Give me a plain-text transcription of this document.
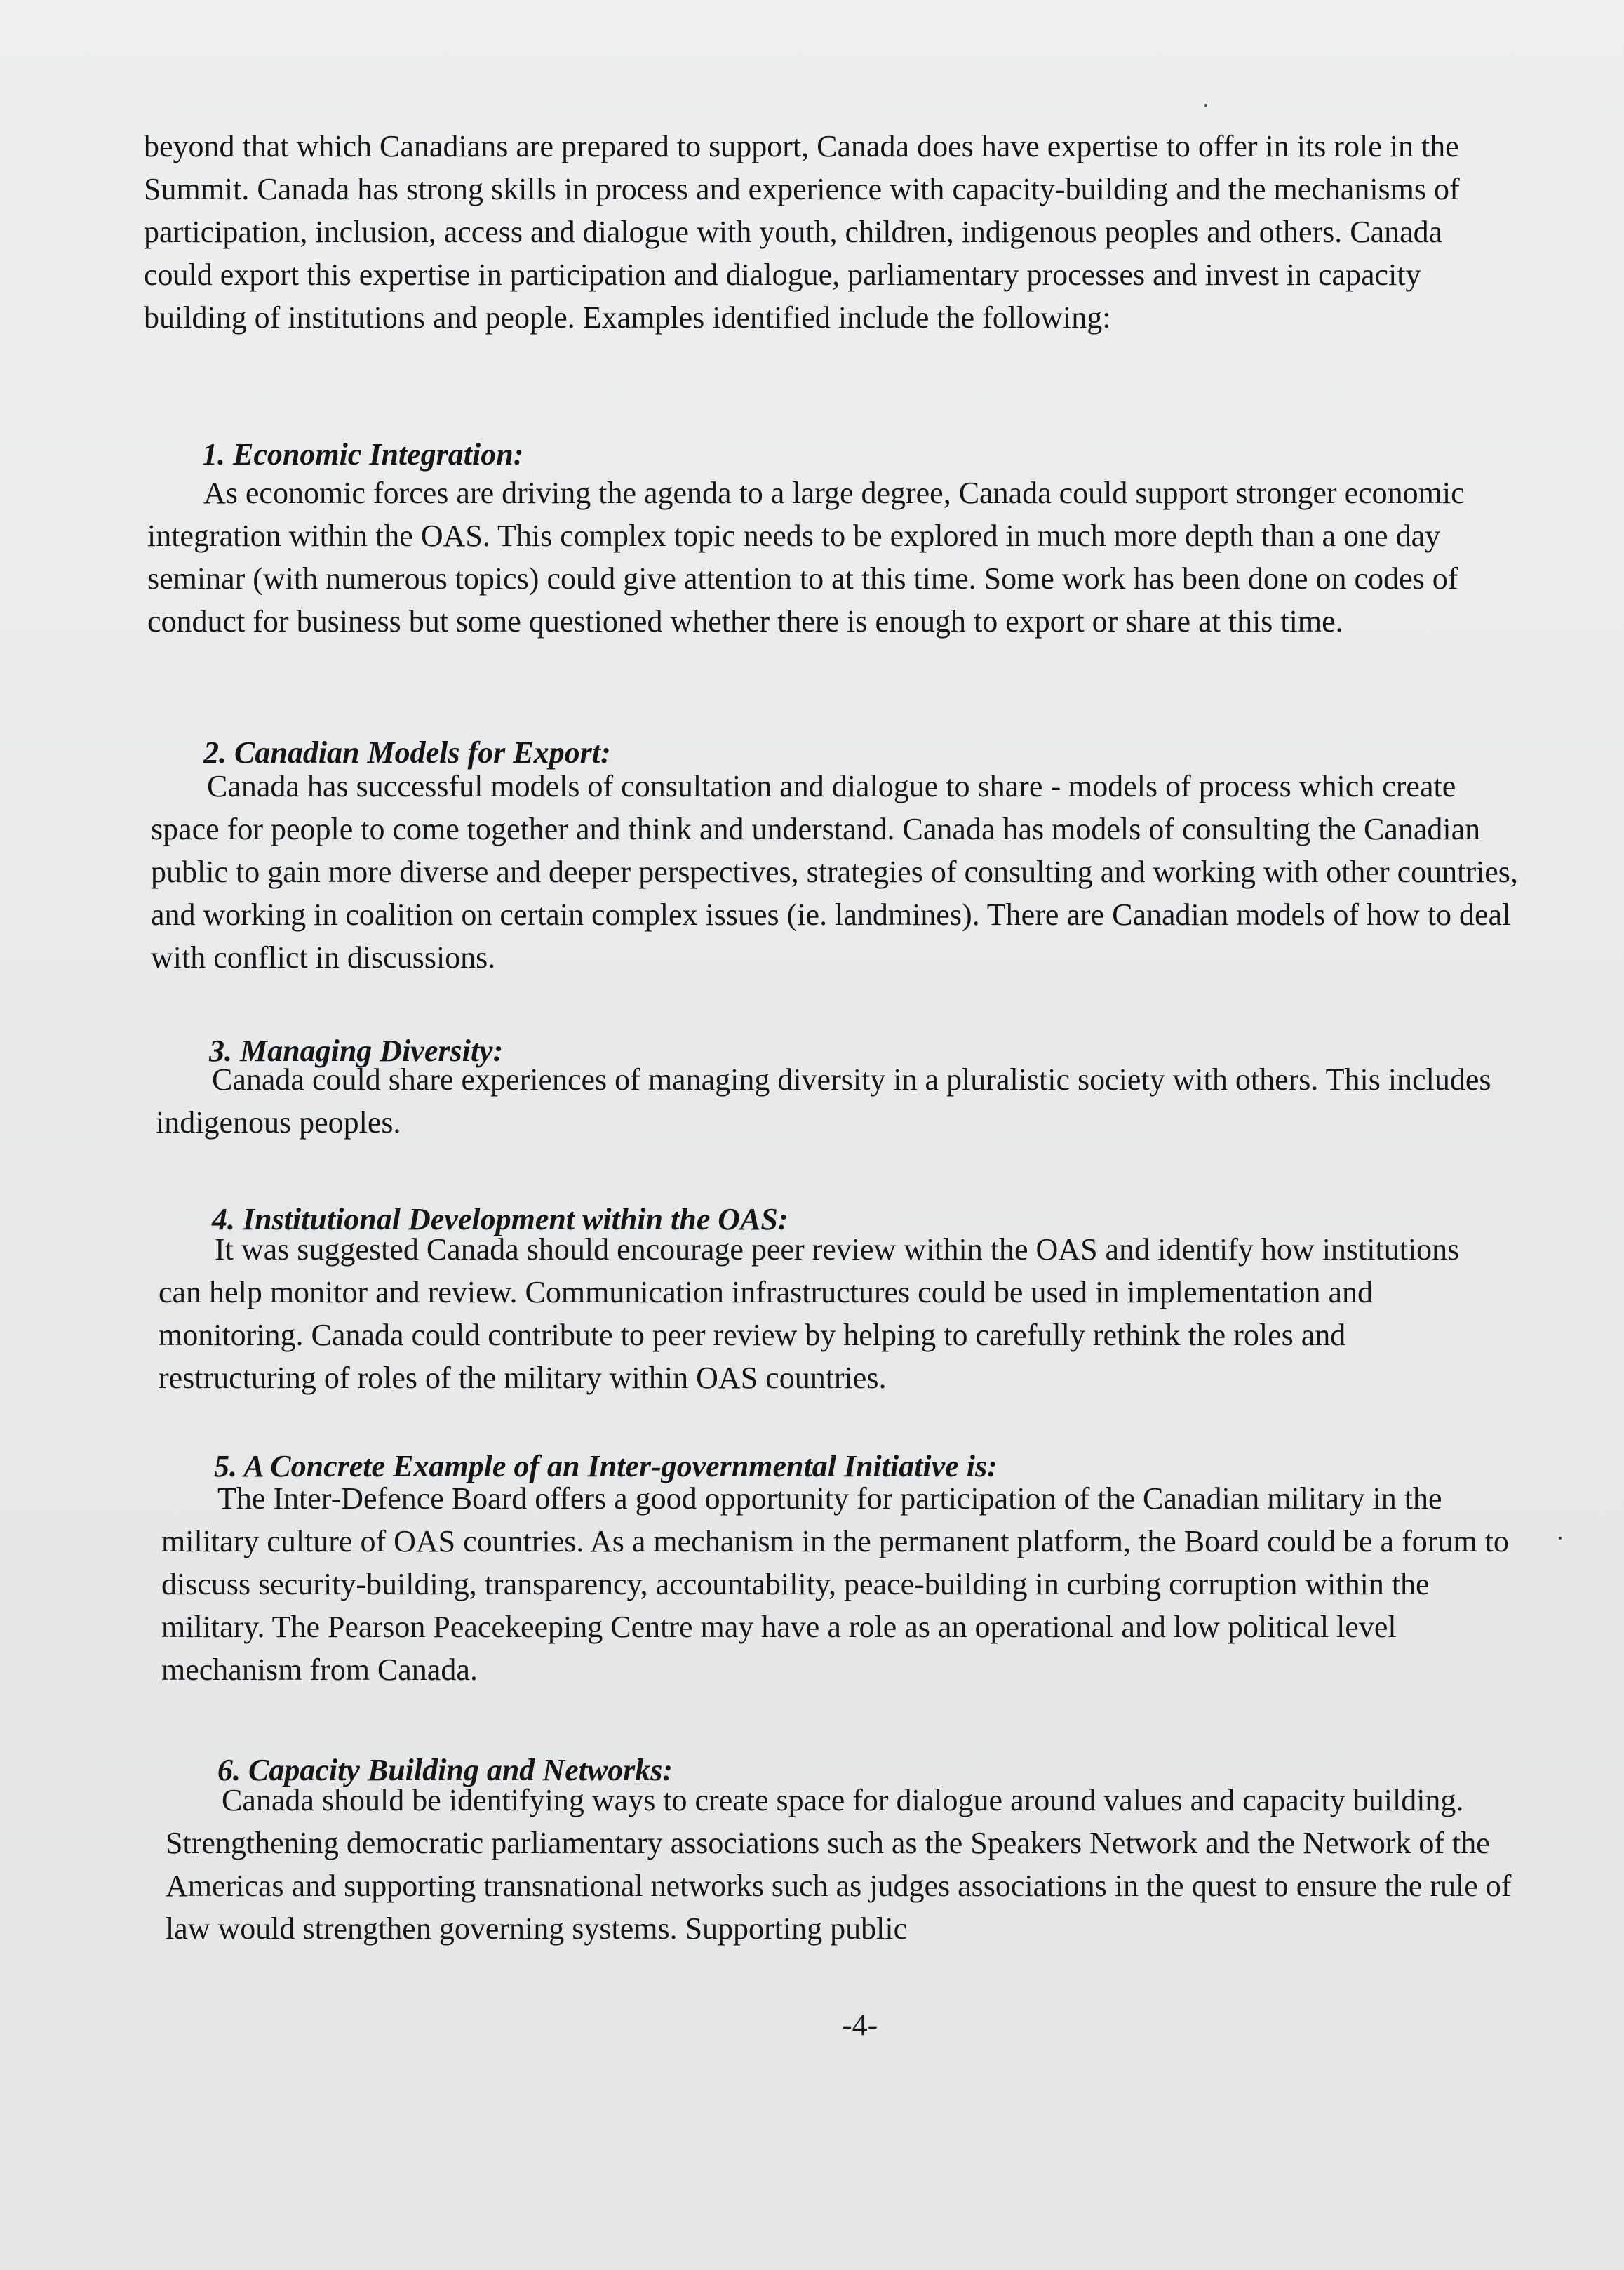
beyond that which Canadians are prepared to support, Canada does have expertise to offer in its role in the Summit. Canada has strong skills in process and experience with capacity-building and the mechanisms of participation, inclusion, access and dialogue with youth, children, indigenous peoples and others. Canada could export this expertise in participation and dialogue, parliamentary processes and invest in capacity building of institutions and people. Examples identified include the following:

1. Economic Integration:

As economic forces are driving the agenda to a large degree, Canada could support stronger economic integration within the OAS. This complex topic needs to be explored in much more depth than a one day seminar (with numerous topics) could give attention to at this time. Some work has been done on codes of conduct for business but some questioned whether there is enough to export or share at this time.

2. Canadian Models for Export:

Canada has successful models of consultation and dialogue to share - models of process which create space for people to come together and think and understand. Canada has models of consulting the Canadian public to gain more diverse and deeper perspectives, strategies of consulting and working with other countries, and working in coalition on certain complex issues (ie. landmines). There are Canadian models of how to deal with conflict in discussions.

3. Managing Diversity:

Canada could share experiences of managing diversity in a pluralistic society with others. This includes indigenous peoples.

4. Institutional Development within the OAS:

It was suggested Canada should encourage peer review within the OAS and identify how institutions can help monitor and review. Communication infrastructures could be used in implementation and monitoring. Canada could contribute to peer review by helping to carefully rethink the roles and restructuring of roles of the military within OAS countries.

5. A Concrete Example of an Inter-governmental Initiative is:

The Inter-Defence Board offers a good opportunity for participation of the Canadian military in the military culture of OAS countries. As a mechanism in the permanent platform, the Board could be a forum to discuss security-building, transparency, accountability, peace-building in curbing corruption within the military. The Pearson Peacekeeping Centre may have a role as an operational and low political level mechanism from Canada.

6. Capacity Building and Networks:

Canada should be identifying ways to create space for dialogue around values and capacity building. Strengthening democratic parliamentary associations such as the Speakers Network and the Network of the Americas and supporting transnational networks such as judges associations in the quest to ensure the rule of law would strengthen governing systems. Supporting public

-4-
